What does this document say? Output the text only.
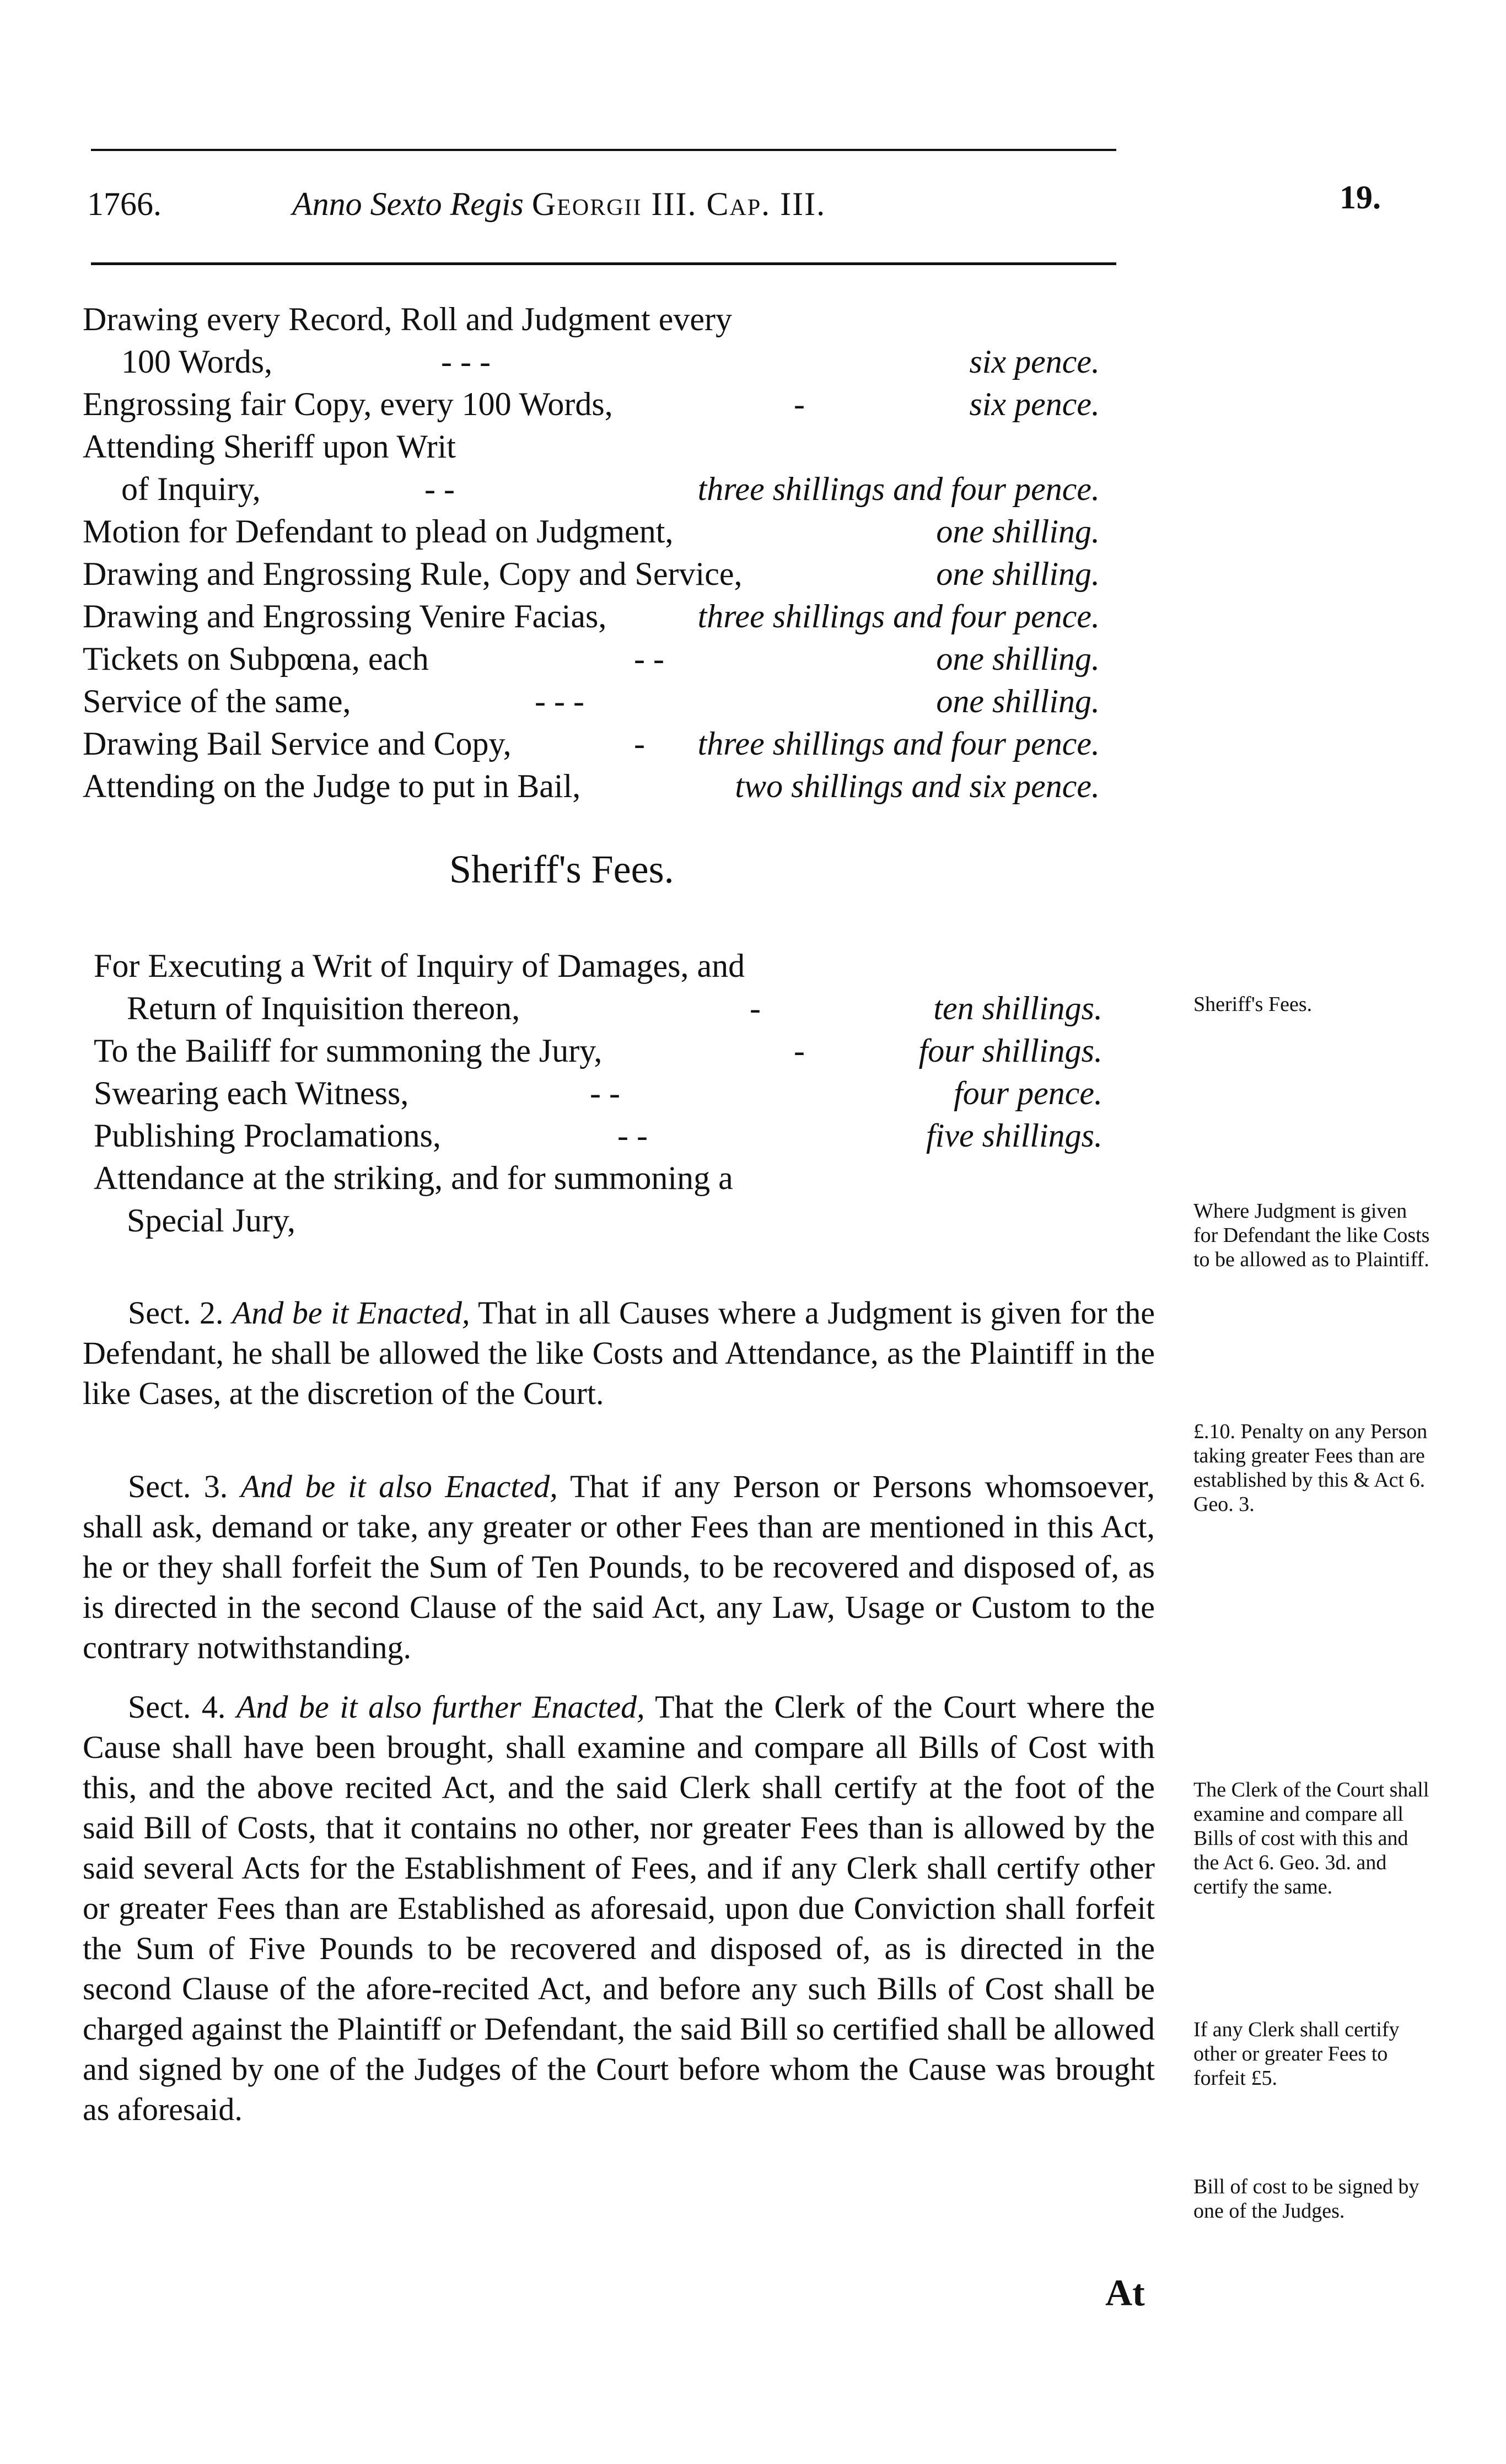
1766.	Anno Sexto Regis Georgii III. Cap. III.	19.
Drawing every Record, Roll and Judgment every
100 Words,	- - -	six pence.
Engrossing fair Copy, every 100 Words,	-	six pence.
Attending Sheriff upon Writ
of Inquiry,	- -	three shillings and four pence.
Motion for Defendant to plead on Judgment,	one shilling.
Drawing and Engrossing Rule, Copy and Service,	one shilling.
Drawing and Engrossing Venire Facias,	three shillings and four pence.
Tickets on Subpœna, each	- -	one shilling.
Service of the same,	- - -	one shilling.
Drawing Bail Service and Copy,	- three shillings and four pence.
Attending on the Judge to put in Bail,	two shillings and six pence.
Sheriff's Fees.
For Executing a Writ of Inquiry of Damages, and
Return of Inquisition thereon,	-	ten shillings.
To the Bailiff for summoning the Jury,	-	four shillings.
Swearing each Witness,	- -	four pence.
Publishing Proclamations,	- -	five shillings.
Attendance at the striking, and for summoning a
Special Jury,

Sect. 2. And be it Enacted, That in all Causes where a Judgment is given for the Defendant, he shall be allowed the like Costs and Attendance, as the Plaintiff in the like Cases, at the discretion of the Court.

Sect. 3. And be it also Enacted, That if any Person or Persons whomsoever, shall ask, demand or take, any greater or other Fees than are mentioned in this Act, he or they shall forfeit the Sum of Ten Pounds, to be recovered and disposed of, as is directed in the second Clause of the said Act, any Law, Usage or Custom to the contrary notwithstanding.

Sect. 4. And be it also further Enacted, That the Clerk of the Court where the Cause shall have been brought, shall examine and compare all Bills of Cost with this, and the above recited Act, and the said Clerk shall certify at the foot of the said Bill of Costs, that it contains no other, nor greater Fees than is allowed by the said several Acts for the Establishment of Fees, and if any Clerk shall certify other or greater Fees than are Established as aforesaid, upon due Conviction shall forfeit the Sum of Five Pounds to be recovered and disposed of, as is directed in the second Clause of the afore-recited Act, and before any such Bills of Cost shall be charged against the Plaintiff or Defendant, the said Bill so certified shall be allowed and signed by one of the Judges of the Court before whom the Cause was brought as aforesaid.

Sheriff's Fees.
Where Judgment is given for Defendant the like Costs to be allowed as to Plaintiff.
£.10. Penalty on any Person taking greater Fees than are established by this & Act 6. Geo. 3.
The Clerk of the Court shall examine and compare all Bills of cost with this and the Act 6. Geo. 3d. and certify the same.
If any Clerk shall certify other or greater Fees to forfeit £5.
Bill of cost to be signed by one of the Judges.
At
